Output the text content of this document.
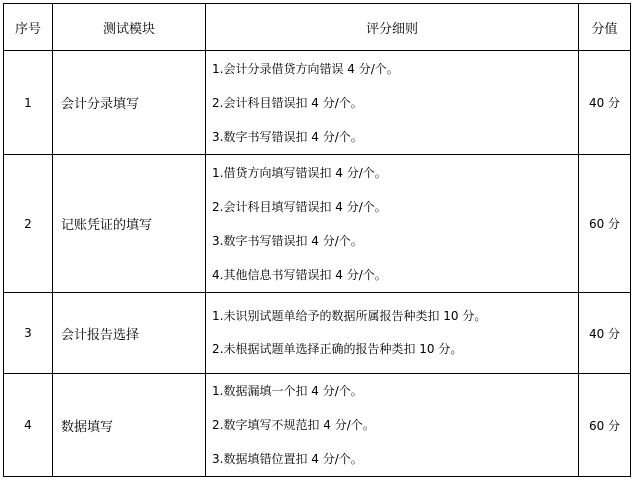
序号	测试模块	评分细则	分值
1	会计分录填写	1.会计分录借贷方向错误 4 分/个。
2.会计科目错误扣 4 分/个。
3.数字书写错误扣 4 分/个。	40 分
2	记账凭证的填写	1.借贷方向填写错误扣 4 分/个。
2.会计科目填写错误扣 4 分/个。
3.数字书写错误扣 4 分/个。
4.其他信息书写错误扣 4 分/个。	60 分
3	会计报告选择	1.未识别试题单给予的数据所属报告种类扣 10 分。
2.未根据试题单选择正确的报告种类扣 10 分。	40 分
4	数据填写	1.数据漏填一个扣 4 分/个。
2.数字填写不规范扣 4 分/个。
3.数据填错位置扣 4 分/个。	60 分
